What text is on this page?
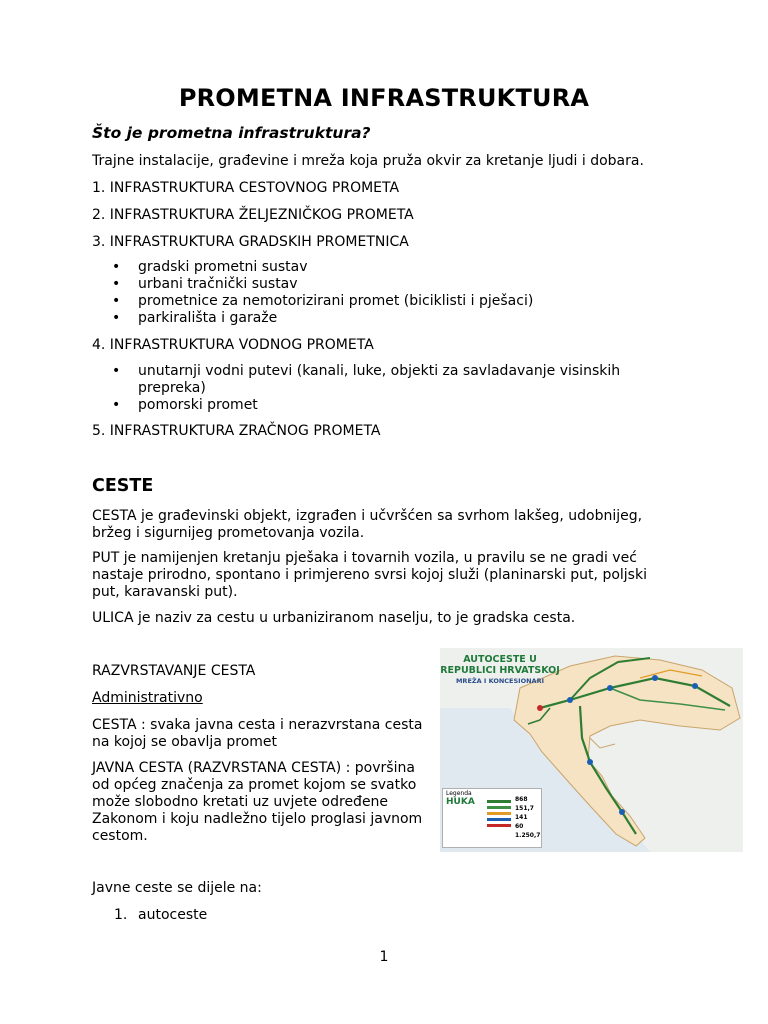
PROMETNA INFRASTRUKTURA

Što je prometna infrastruktura?

Trajne instalacije, građevine i mreža koja pruža okvir za kretanje ljudi i dobara.

1. INFRASTRUKTURA CESTOVNOG PROMETA

2. INFRASTRUKTURA ŽELJEZNIČKOG PROMETA

3. INFRASTRUKTURA GRADSKIH PROMETNICA

• gradski prometni sustav
• urbani tračnički sustav
• prometnice za nemotorizirani promet (biciklisti i pješaci)
• parkirališta i garaže

4. INFRASTRUKTURA VODNOG PROMETA

• unutarnji vodni putevi (kanali, luke, objekti za savladavanje visinskih prepreka)
• pomorski promet

5. INFRASTRUKTURA ZRAČNOG PROMETA

CESTE

CESTA je građevinski objekt, izgrađen i učvršćen sa svrhom lakšeg, udobnijeg, bržeg i sigurnijeg prometovanja vozila.

PUT je namijenjen kretanju pješaka i tovarnih vozila, u pravilu se ne gradi već nastaje prirodno, spontano i primjereno svrsi kojoj služi (planinarski put, poljski put, karavanski put).

ULICA je naziv za cestu u urbaniziranom naselju, to je gradska cesta.

RAZVRSTAVANJE CESTA

Administrativno

CESTA : svaka javna cesta i nerazvrstana cesta na kojoj se obavlja promet

JAVNA CESTA (RAZVRSTANA CESTA) : površina od općeg značenja za promet kojom se svatko može slobodno kretati uz uvjete određene Zakonom i koju nadležno tijelo proglasi javnom cestom.

AUTOCESTE U
REPUBLICI HRVATSKOJ
MREŽA I KONCESIONARI
Legenda
HUKA	868
151,7
141
60
1.250,7

Javne ceste se dijele na:

1. autoceste

1
